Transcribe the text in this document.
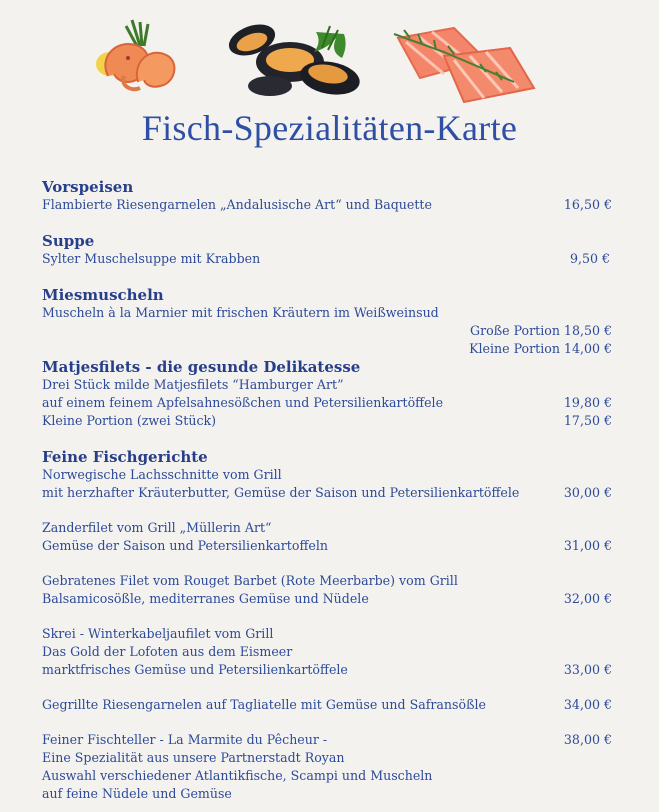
Fisch-Spezialitäten-Karte
Vorspeisen
Flambierte Riesengarnelen „Andalusische Art“ und Baquette	16,50 €
Suppe
Sylter Muschelsuppe mit Krabben	9,50 €
Miesmuscheln
Muscheln à la Marnier mit frischen Kräutern im Weißweinsud
Große Portion 18,50 €
Kleine Portion 14,00 €
Matjesfilets - die gesunde Delikatesse
Drei Stück milde Matjesfilets “Hamburger Art”
auf einem feinem Apfelsahnesößchen und Petersilienkartöffele	19,80 €
Kleine Portion (zwei Stück)	17,50 €
Feine Fischgerichte
Norwegische Lachsschnitte vom Grill
mit herzhafter Kräuterbutter, Gemüse der Saison und Petersilienkartöffele	30,00 €
Zanderfilet vom Grill „Müllerin Art“
Gemüse der Saison und Petersilienkartoffeln	31,00 €
Gebratenes Filet vom Rouget Barbet (Rote Meerbarbe) vom Grill
Balsamicosößle, mediterranes Gemüse und Nüdele	32,00 €
Skrei - Winterkabeljaufilet vom Grill
Das Gold der Lofoten aus dem Eismeer
marktfrisches Gemüse und Petersilienkartöffele	33,00 €
Gegrillte Riesengarnelen auf Tagliatelle mit Gemüse und Safransößle	34,00 €
Feiner Fischteller - La Marmite du Pêcheur -	38,00 €
Eine Spezialität aus unsere Partnerstadt Royan
Auswahl verschiedener Atlantikfische, Scampi und Muscheln
auf feine Nüdele und Gemüse
